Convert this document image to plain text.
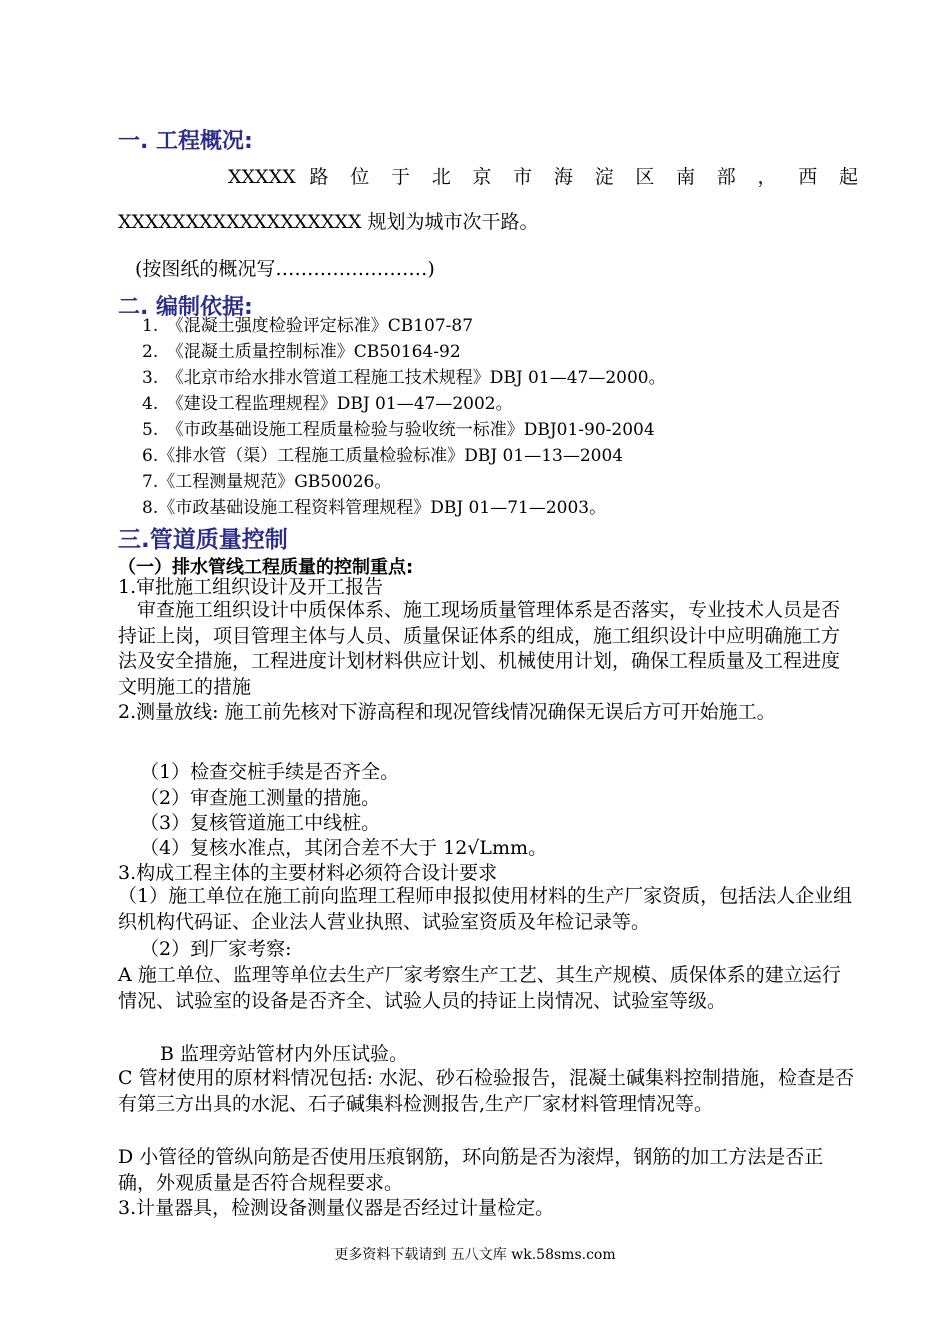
一. 工程概况:
XXXXX 路 位 于 北 京 市 海 淀 区 南 部 ， 西 起
XXXXXXXXXXXXXXXXXX 规划为城市次干路。
(按图纸的概况写……………………)
二. 编制依据:
1.　《混凝土强度检验评定标准》CB107-87
2.　《混凝土质量控制标准》CB50164-92
3.　《北京市给水排水管道工程施工技术规程》DBJ 01—47—2000。
4.　《建设工程监理规程》DBJ 01—47—2002。
5.　《市政基础设施工程质量检验与验收统一标准》DBJ01-90-2004
6.《排水管（渠）工程施工质量检验标准》DBJ 01—13—2004
7.《工程测量规范》GB50026。
8.《市政基础设施工程资料管理规程》DBJ 01—71—2003。
三.管道质量控制
（一）排水管线工程质量的控制重点:
1.审批施工组织设计及开工报告
　审查施工组织设计中质保体系、施工现场质量管理体系是否落实，专业技术人员是否持证上岗，项目管理主体与人员、质量保证体系的组成，施工组织设计中应明确施工方法及安全措施，工程进度计划材料供应计划、机械使用计划，确保工程质量及工程进度文明施工的措施
2.测量放线: 施工前先核对下游高程和现况管线情况确保无误后方可开始施工。
（1）检查交桩手续是否齐全。
（2）审查施工测量的措施。
（3）复核管道施工中线桩。
（4）复核水准点，其闭合差不大于 12√Lmm。
3.构成工程主体的主要材料必须符合设计要求
（1）施工单位在施工前向监理工程师申报拟使用材料的生产厂家资质，包括法人企业组织机构代码证、企业法人营业执照、试验室资质及年检记录等。
（2）到厂家考察:
A 施工单位、监理等单位去生产厂家考察生产工艺、其生产规模、质保体系的建立运行情况、试验室的设备是否齐全、试验人员的持证上岗情况、试验室等级。
B 监理旁站管材内外压试验。
C 管材使用的原材料情况包括: 水泥、砂石检验报告，混凝土碱集料控制措施，检查是否有第三方出具的水泥、石子碱集料检测报告,生产厂家材料管理情况等。
D 小管径的管纵向筋是否使用压痕钢筋，环向筋是否为滚焊，钢筋的加工方法是否正确，外观质量是否符合规程要求。
3.计量器具，检测设备测量仪器是否经过计量检定。
更多资料下载请到 五八文库 wk.58sms.com
